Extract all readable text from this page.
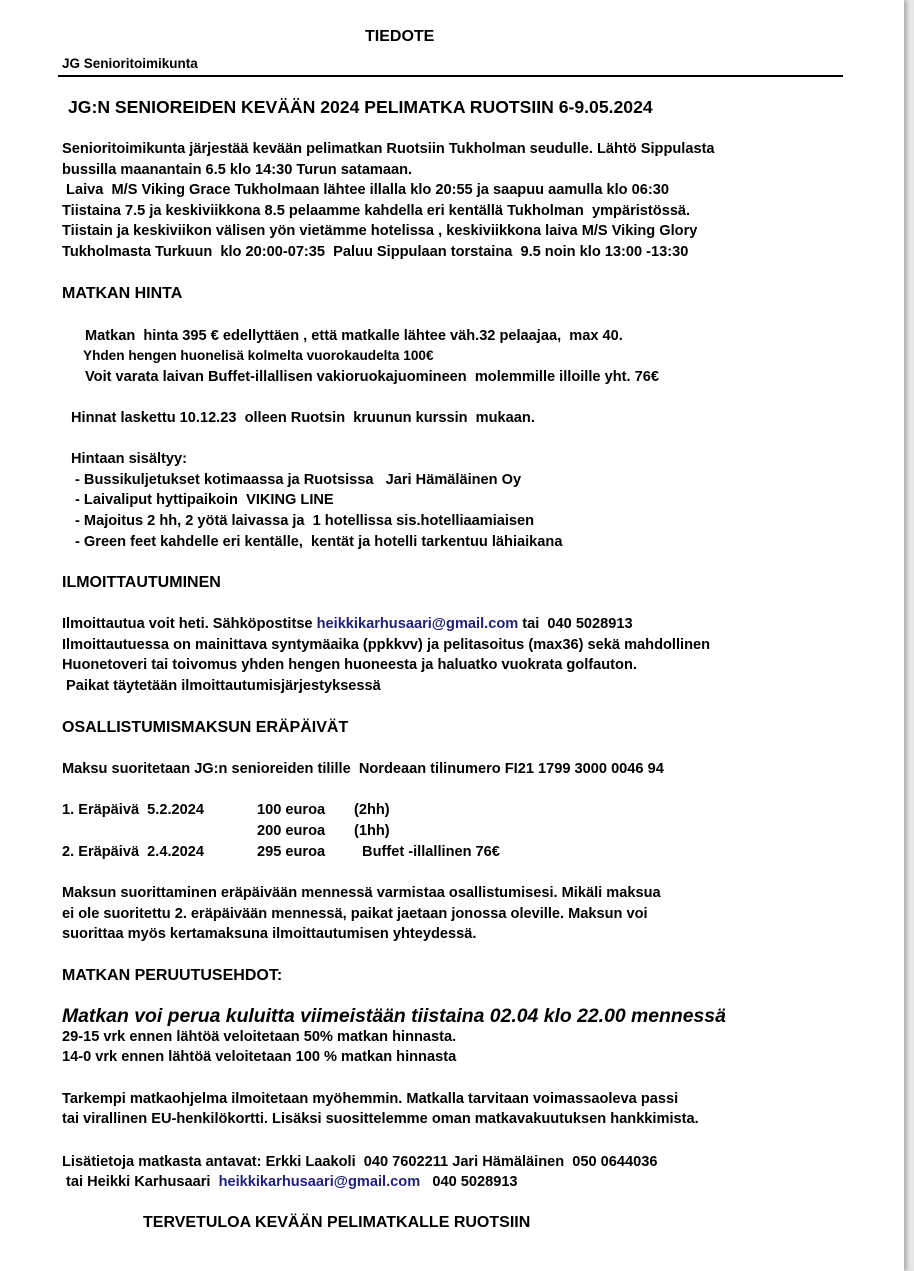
TIEDOTE
JG Senioritoimikunta
JG:N SENIOREIDEN KEVÄÄN 2024 PELIMATKA RUOTSIIN 6-9.05.2024
Senioritoimikunta järjestää kevään pelimatkan Ruotsiin Tukholman seudulle. Lähtö Sippulasta
bussilla maanantain 6.5 klo 14:30 Turun satamaan.
Laiva  M/S Viking Grace Tukholmaan lähtee illalla klo 20:55 ja saapuu aamulla klo 06:30
Tiistaina 7.5 ja keskiviikkona 8.5 pelaamme kahdella eri kentällä Tukholman  ympäristössä.
Tiistain ja keskiviikon välisen yön vietämme hotelissa , keskiviikkona laiva M/S Viking Glory
Tukholmasta Turkuun  klo 20:00-07:35  Paluu Sippulaan torstaina  9.5 noin klo 13:00 -13:30
MATKAN HINTA
Matkan  hinta 395 € edellyttäen , että matkalle lähtee väh.32 pelaajaa,  max 40.
Yhden hengen huonelisä kolmelta vuorokaudelta 100€
Voit varata laivan Buffet-illallisen vakioruokajuomineen  molemmille illoille yht. 76€
Hinnat laskettu 10.12.23  olleen Ruotsin  kruunun kurssin  mukaan.
Hintaan sisältyy:
- Bussikuljetukset kotimaassa ja Ruotsissa   Jari Hämäläinen Oy
- Laivaliput hyttipaikoin  VIKING LINE
- Majoitus 2 hh, 2 yötä laivassa ja  1 hotellissa sis.hotelliaamiaisen
- Green feet kahdelle eri kentälle,  kentät ja hotelli tarkentuu lähiaikana
ILMOITTAUTUMINEN
Ilmoittautua voit heti. Sähköpostitse heikkikarhusaari@gmail.com tai  040 5028913
Ilmoittautuessa on mainittava syntymäaika (ppkkvv) ja pelitasoitus (max36) sekä mahdollinen
Huonetoveri tai toivomus yhden hengen huoneesta ja haluatko vuokrata golfauton.
Paikat täytetään ilmoittautumisjärjestyksessä
OSALLISTUMISMAKSUN ERÄPÄIVÄT
Maksu suoritetaan JG:n senioreiden tilille  Nordeaan tilinumero FI21 1799 3000 0046 94
1. Eräpäivä  5.2.2024	100 euroa (2hh)
200 euroa (1hh)
2. Eräpäivä  2.4.2024	295 euroa Buffet -illallinen 76€
Maksun suorittaminen eräpäivään mennessä varmistaa osallistumisesi. Mikäli maksua
ei ole suoritettu 2. eräpäivään mennessä, paikat jaetaan jonossa oleville. Maksun voi
suorittaa myös kertamaksuna ilmoittautumisen yhteydessä.
MATKAN PERUUTUSEHDOT:
Matkan voi perua kuluitta viimeistään tiistaina 02.04 klo 22.00 mennessä
29-15 vrk ennen lähtöä veloitetaan 50% matkan hinnasta.
14-0 vrk ennen lähtöä veloitetaan 100 % matkan hinnasta
Tarkempi matkaohjelma ilmoitetaan myöhemmin. Matkalla tarvitaan voimassaoleva passi
tai virallinen EU-henkilökortti. Lisäksi suosittelemme oman matkavakuutuksen hankkimista.
Lisätietoja matkasta antavat: Erkki Laakoli  040 7602211 Jari Hämäläinen  050 0644036
tai Heikki Karhusaari  heikkikarhusaari@gmail.com   040 5028913
TERVETULOA KEVÄÄN PELIMATKALLE RUOTSIIN
